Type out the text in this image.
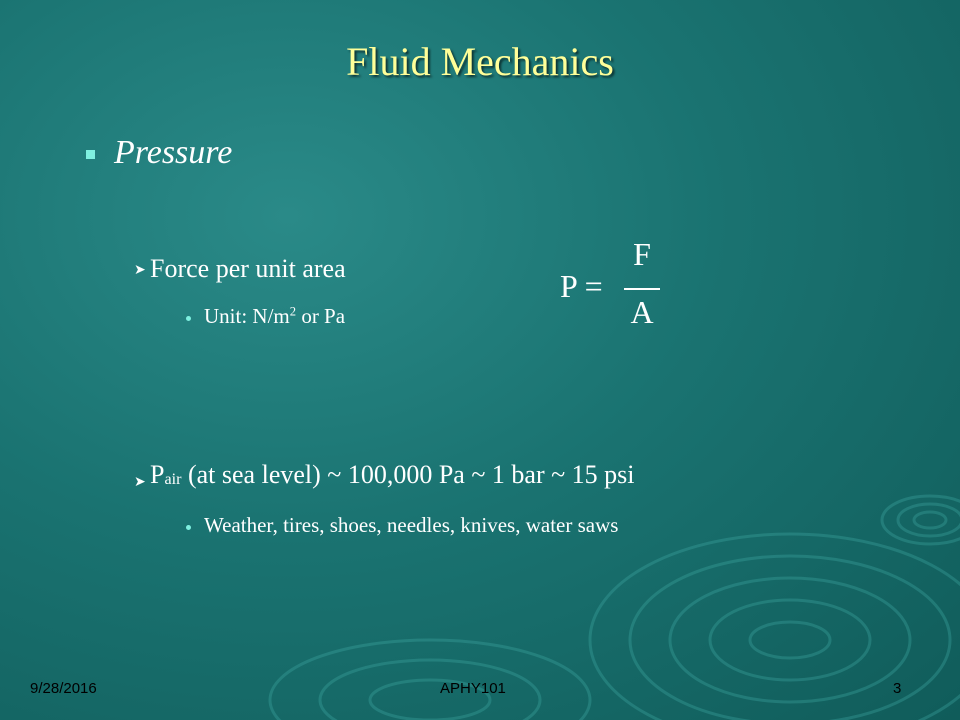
Fluid Mechanics
Pressure
➤ Force per unit area
Unit: $N/m^2$ or Pa
P =
F
A
➤ Pair (at sea level) ~ 100,000 Pa ~ 1 bar ~ 15 psi
Weather, tires, shoes, needles, knives, water saws
9/28/2016	APHY101	3
